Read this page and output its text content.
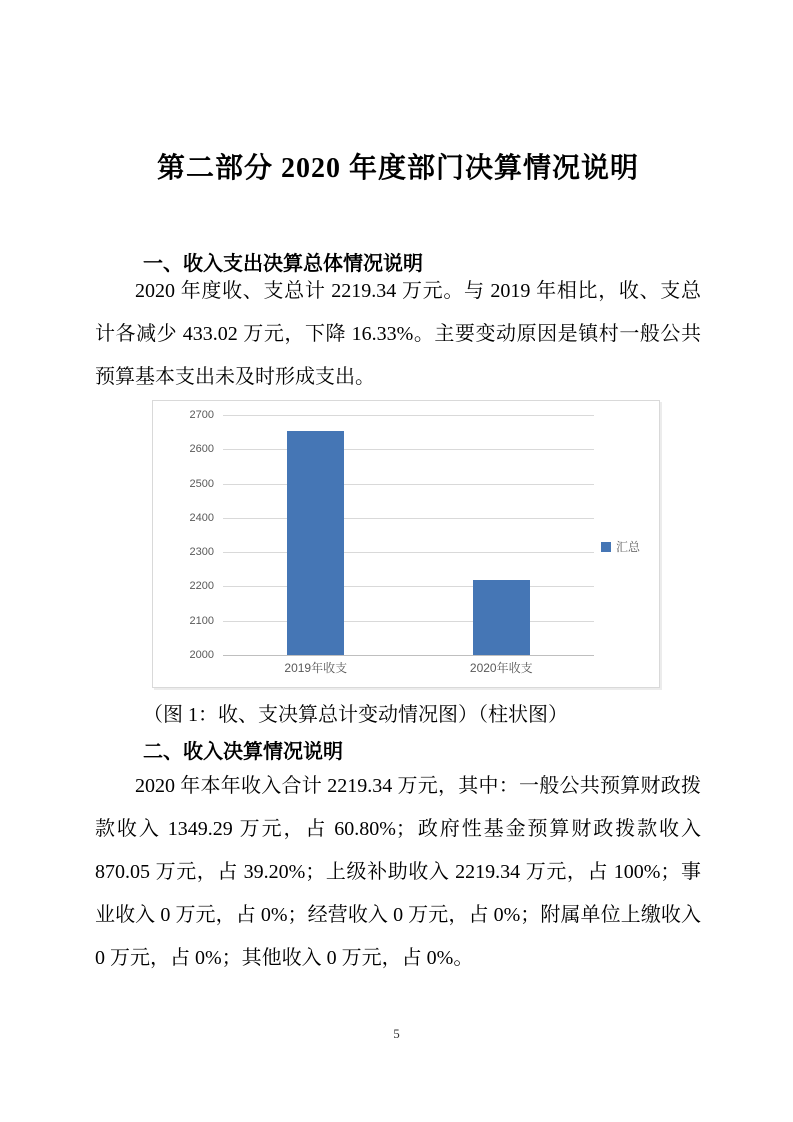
第二部分 2020 年度部门决算情况说明
一、收入支出决算总体情况说明

2020 年度收、支总计 2219.34 万元。与 2019 年相比，收、支总计各减少 433.02 万元，下降 16.33%。主要变动原因是镇村一般公共预算基本支出未及时形成支出。

2000
2100
2200
2300
2400
2500
2600
2700
2019年收支	2020年收支
汇总

（图 1：收、支决算总计变动情况图）（柱状图）

二、收入决算情况说明

2020 年本年收入合计 2219.34 万元，其中：一般公共预算财政拨款收入 1349.29 万元，占 60.80%；政府性基金预算财政拨款收入 870.05 万元，占 39.20%；上级补助收入 2219.34 万元，占 100%；事业收入 0 万元，占 0%；经营收入 0 万元，占 0%；附属单位上缴收入 0 万元，占 0%；其他收入 0 万元，占 0%。

5
